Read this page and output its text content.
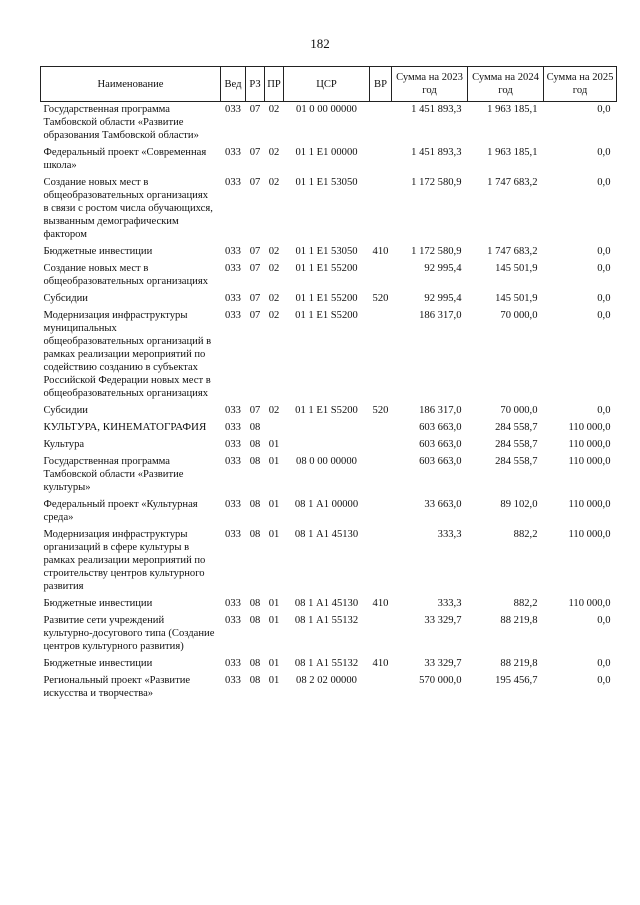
182
Наименование	Вед	РЗ	ПР	ЦСР	ВР	Сумма на 2023 год	Сумма на 2024 год	Сумма на 2025 год
Государственная программа Тамбовской области «Развитие образования Тамбовской области»	033	07	02	01 0 00 00000		1 451 893,3	1 963 185,1	0,0
Федеральный проект «Современная школа»	033	07	02	01 1 Е1 00000		1 451 893,3	1 963 185,1	0,0
Создание новых мест в общеобразовательных организациях в связи с ростом числа обучающихся, вызванным демографическим фактором	033	07	02	01 1 Е1 53050		1 172 580,9	1 747 683,2	0,0
Бюджетные инвестиции	033	07	02	01 1 Е1 53050	410	1 172 580,9	1 747 683,2	0,0
Создание новых мест в общеобразовательных организациях	033	07	02	01 1 Е1 55200		92 995,4	145 501,9	0,0
Субсидии	033	07	02	01 1 Е1 55200	520	92 995,4	145 501,9	0,0
Модернизация инфраструктуры муниципальных общеобразовательных организаций в рамках реализации мероприятий по содействию созданию в субъектах Российской Федерации новых мест в общеобразовательных организациях	033	07	02	01 1 Е1 S5200		186 317,0	70 000,0	0,0
Субсидии	033	07	02	01 1 Е1 S5200	520	186 317,0	70 000,0	0,0
КУЛЬТУРА, КИНЕМАТОГРАФИЯ	033	08				603 663,0	284 558,7	110 000,0
Культура	033	08	01			603 663,0	284 558,7	110 000,0
Государственная программа Тамбовской области «Развитие культуры»	033	08	01	08 0 00 00000		603 663,0	284 558,7	110 000,0
Федеральный проект «Культурная среда»	033	08	01	08 1 А1 00000		33 663,0	89 102,0	110 000,0
Модернизация инфраструктуры организаций в сфере культуры в рамках реализации мероприятий по строительству центров культурного развития	033	08	01	08 1 А1 45130		333,3	882,2	110 000,0
Бюджетные инвестиции	033	08	01	08 1 А1 45130	410	333,3	882,2	110 000,0
Развитие сети учреждений культурно-досугового типа (Создание центров культурного развития)	033	08	01	08 1 А1 55132		33 329,7	88 219,8	0,0
Бюджетные инвестиции	033	08	01	08 1 А1 55132	410	33 329,7	88 219,8	0,0
Региональный проект «Развитие искусства и творчества»	033	08	01	08 2 02 00000		570 000,0	195 456,7	0,0
